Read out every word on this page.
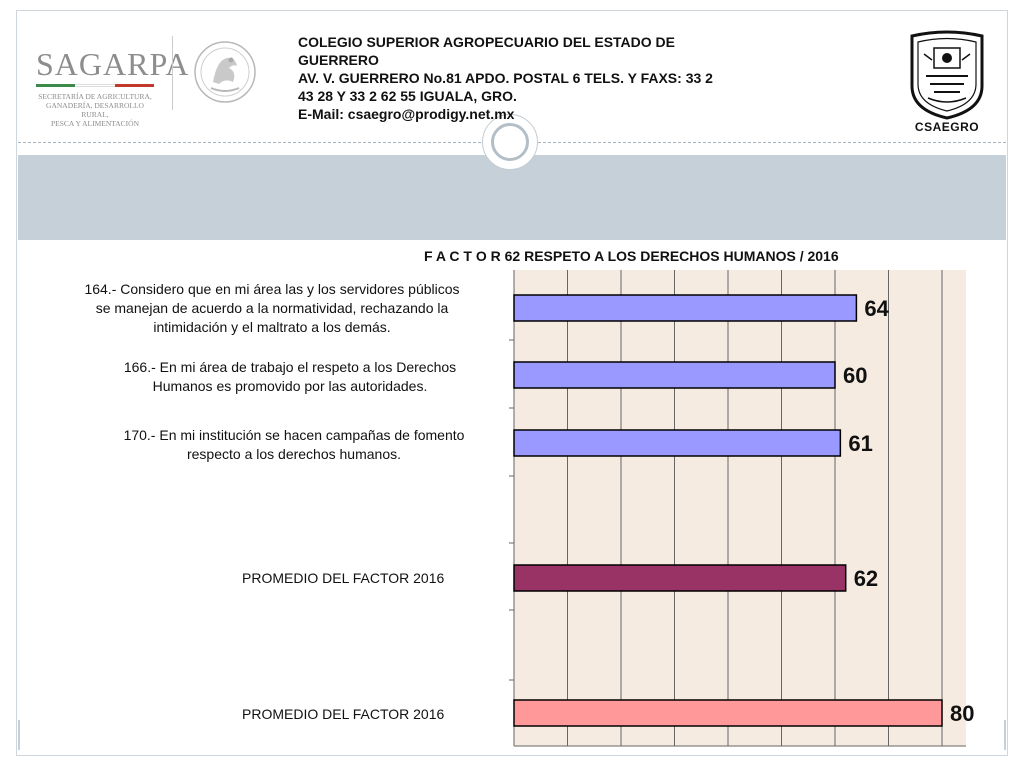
SAGARPA
SECRETARÍA DE AGRICULTURA,
GANADERÍA, DESARROLLO RURAL,
PESCA Y ALIMENTACIÓN
COLEGIO SUPERIOR AGROPECUARIO DEL ESTADO DE
GUERRERO
AV. V. GUERRERO No.81 APDO. POSTAL 6 TELS. Y FAXS: 33 2
43 28 Y 33 2 62 55 IGUALA, GRO.
E-Mail: csaegro@prodigy.net.mx
CSAEGRO
F A C T O R 62 RESPETO A LOS DERECHOS HUMANOS / 2016
164.- Considero que en mi área las y los servidores públicos
se manejan de acuerdo a la normatividad, rechazando la
intimidación y el maltrato a los demás.
166.- En mi área de trabajo el respeto a los Derechos
Humanos es promovido por las autoridades.
170.- En mi institución se hacen campañas de fomento
respecto a los derechos humanos.
PROMEDIO DEL FACTOR 2016
PROMEDIO DEL FACTOR 2016
64
60
61
62
80
